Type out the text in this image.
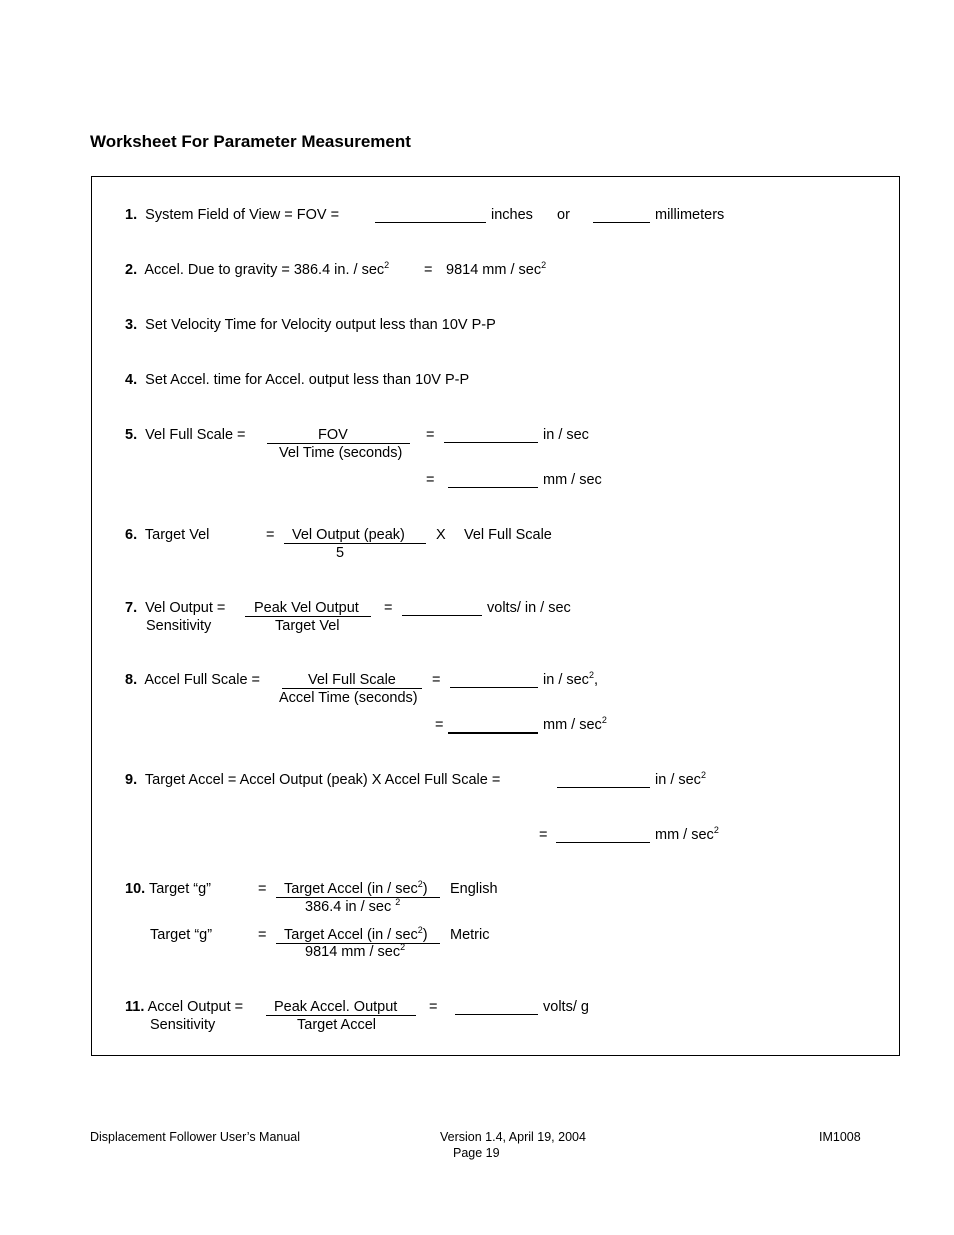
Worksheet For Parameter Measurement
1. System Field of View = FOV =	inches or	millimeters
2. Accel. Due to gravity = 386.4 in. / $\sec^2 = 9814$ mm / $\sec^2$
3. Set Velocity Time for Velocity output less than 10V P-P
4. Set Accel. time for Accel. output less than 10V P-P
5. Vel Full Scale =	FOV
Vel Time (seconds)
=	in / sec
=	mm / sec
6. Target Vel	= Vel Output (peak)
5
X Vel Full Scale
7. Vel Output =
Sensitivity
Peak Vel Output
Target Vel
=	volts/ in / sec
8. Accel Full Scale =	Vel Full Scale
Accel Time (seconds)
=	in / $\sec^2$,
=	mm / $\sec^2$
9. Target Accel = Accel Output (peak) X Accel Full Scale =	in / $\sec^2$
=	mm / $\sec^2$
10. Target “g”	= Target Accel $(in / \sec^2)$
386.4 in / sec $^2$
English
Target “g”	= Target Accel $(in / \sec^2)$
9814 mm / $\sec^2$
Metric
11. Accel Output =
Sensitivity
Peak Accel. Output
Target Accel
=	volts/ g
Displacement Follower User’s Manual	Version 1.4, April 19, 2004
Page 19
IM1008
